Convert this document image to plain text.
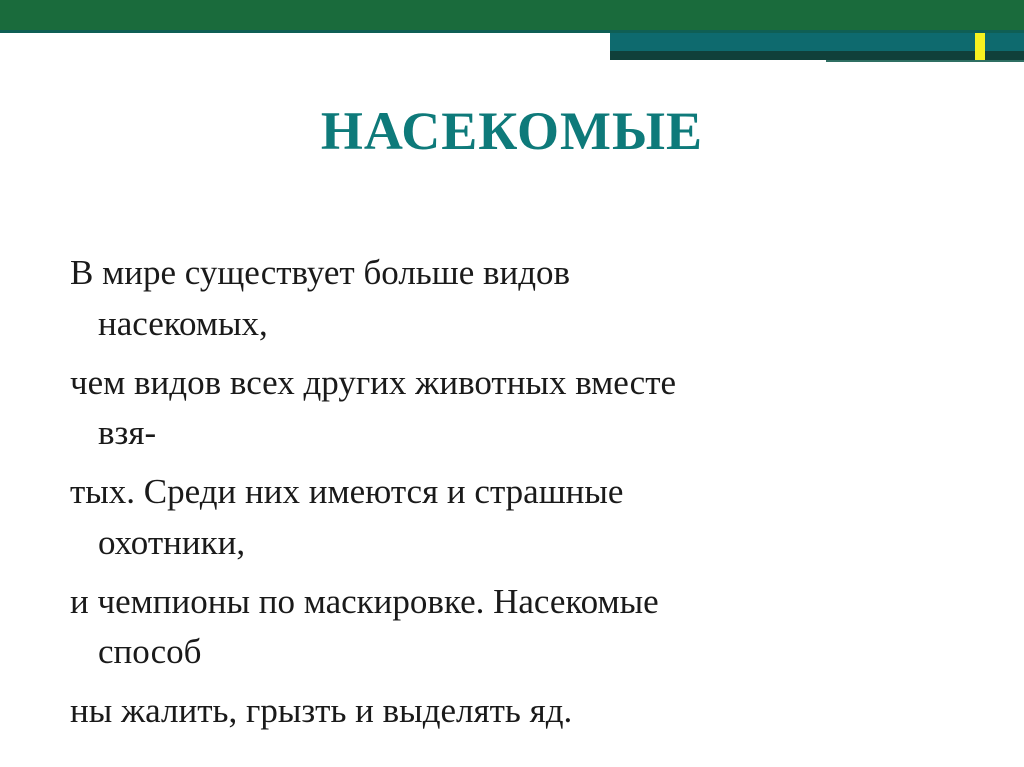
НАСЕКОМЫЕ

В мире существует больше видов
насекомых,

чем видов всех других животных вместе
взя-

тых. Среди них имеются и страшные
охотники,

и чемпионы по маскировке. Насекомые
способ

ны жалить, грызть и выделять яд.
